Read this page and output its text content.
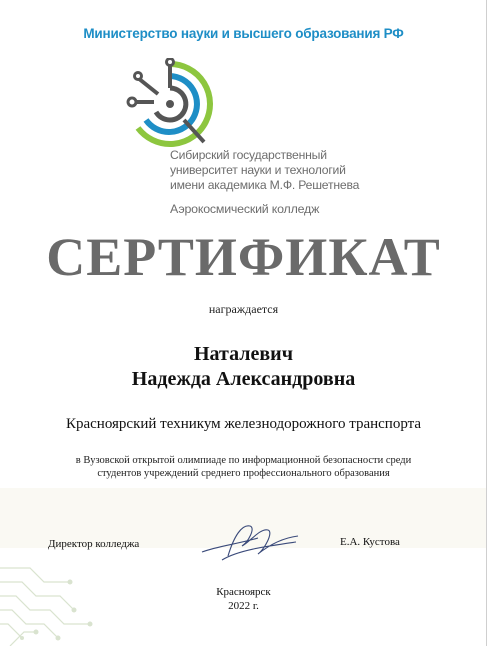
Министерство науки и высшего образования РФ
Сибирский государственный
университет науки и технологий
имени академика М.Ф. Решетнева
Аэрокосмический колледж
СЕРТИФИКАТ
награждается
Наталевич
Надежда Александровна
Красноярский техникум железнодорожного транспорта
в Вузовской открытой олимпиаде по информационной безопасности среди
студентов учреждений среднего профессионального образования
Директор колледжа	Е.А. Кустова
Красноярск
2022 г.
